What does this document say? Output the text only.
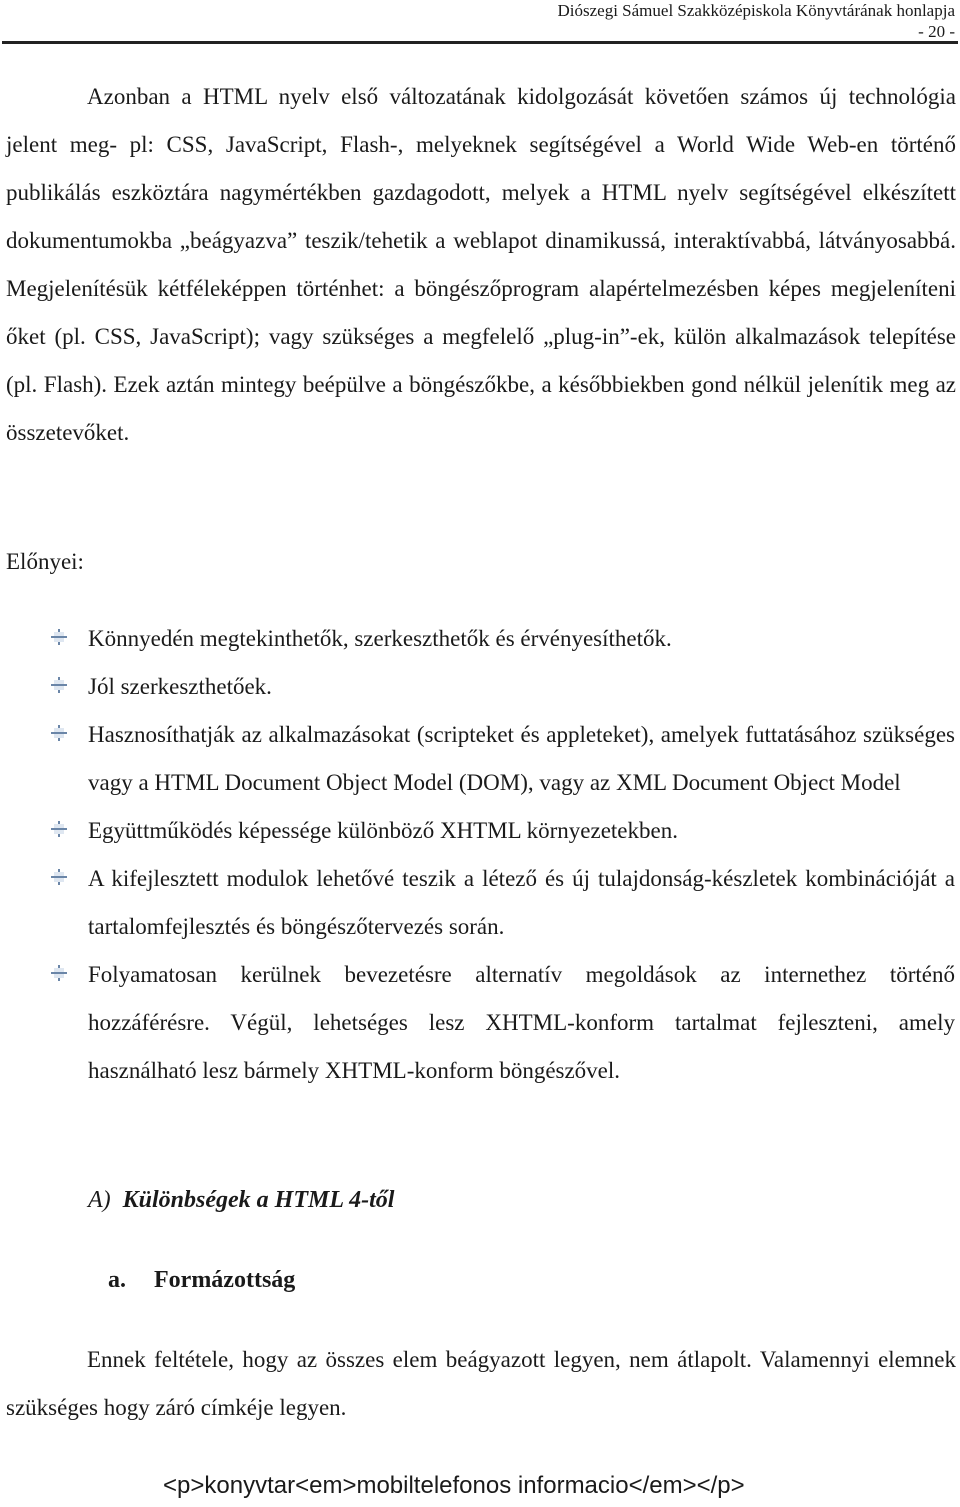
Diószegi Sámuel Szakközépiskola Könyvtárának honlapja
- 20 -

Azonban a HTML nyelv első változatának kidolgozását követően számos új technológia jelent meg- pl: CSS, JavaScript, Flash-, melyeknek segítségével a World Wide Web-en történő publikálás eszköztára nagymértékben gazdagodott, melyek a HTML nyelv segítségével elkészített dokumentumokba „beágyazva” teszik/tehetik a weblapot dinamikussá, interaktívabbá, látványosabbá. Megjelenítésük kétféleképpen történhet: a böngészőprogram alapértelmezésben képes megjeleníteni őket (pl. CSS, JavaScript); vagy szükséges a megfelelő „plug-in”-ek, külön alkalmazások telepítése (pl. Flash). Ezek aztán mintegy beépülve a böngészőkbe, a későbbiekben gond nélkül jelenítik meg az összetevőket.

Előnyei:

Könnyedén megtekinthetők, szerkeszthetők és érvényesíthetők.
Jól szerkeszthetőek.
Hasznosíthatják az alkalmazásokat (scripteket és appleteket), amelyek futtatásához szükséges vagy a HTML Document Object Model (DOM), vagy az XML Document Object Model
Együttműködés képessége különböző XHTML környezetekben.
A kifejlesztett modulok lehetővé teszik a létező és új tulajdonság-készletek kombinációját a tartalomfejlesztés és böngészőtervezés során.
Folyamatosan kerülnek bevezetésre alternatív megoldások az internethez történő hozzáférésre. Végül, lehetséges lesz XHTML-konform tartalmat fejleszteni, amely használható lesz bármely XHTML-konform böngészővel.
A) Különbségek a HTML 4-től
a. Formázottság

Ennek feltétele, hogy az összes elem beágyazott legyen, nem átlapolt. Valamennyi elemnek szükséges hogy záró címkéje legyen.

<p>konyvtar<em>mobiltelefonos informacio</em></p>
